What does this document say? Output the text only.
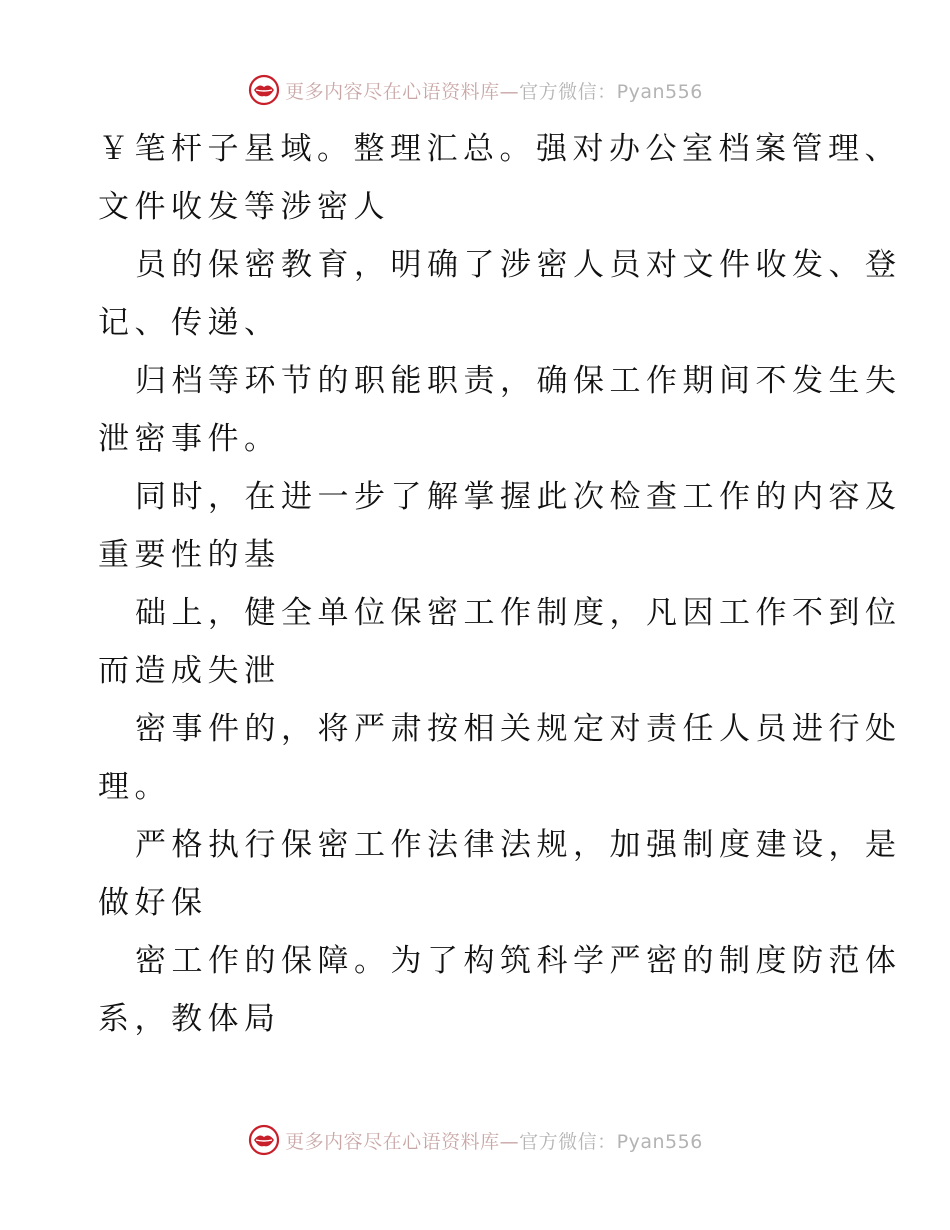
更多内容尽在心语资料库—官方微信：Pyan556
￥笔杆子星域。整理汇总。强对办公室档案管理、
文件收发等涉密人
员的保密教育，明确了涉密人员对文件收发、登
记、传递、
归档等环节的职能职责，确保工作期间不发生失
泄密事件。
同时，在进一步了解掌握此次检查工作的内容及
重要性的基
础上，健全单位保密工作制度，凡因工作不到位
而造成失泄
密事件的，将严肃按相关规定对责任人员进行处
理。
严格执行保密工作法律法规，加强制度建设，是
做好保
密工作的保障。为了构筑科学严密的制度防范体
系，教体局
更多内容尽在心语资料库—官方微信：Pyan556
